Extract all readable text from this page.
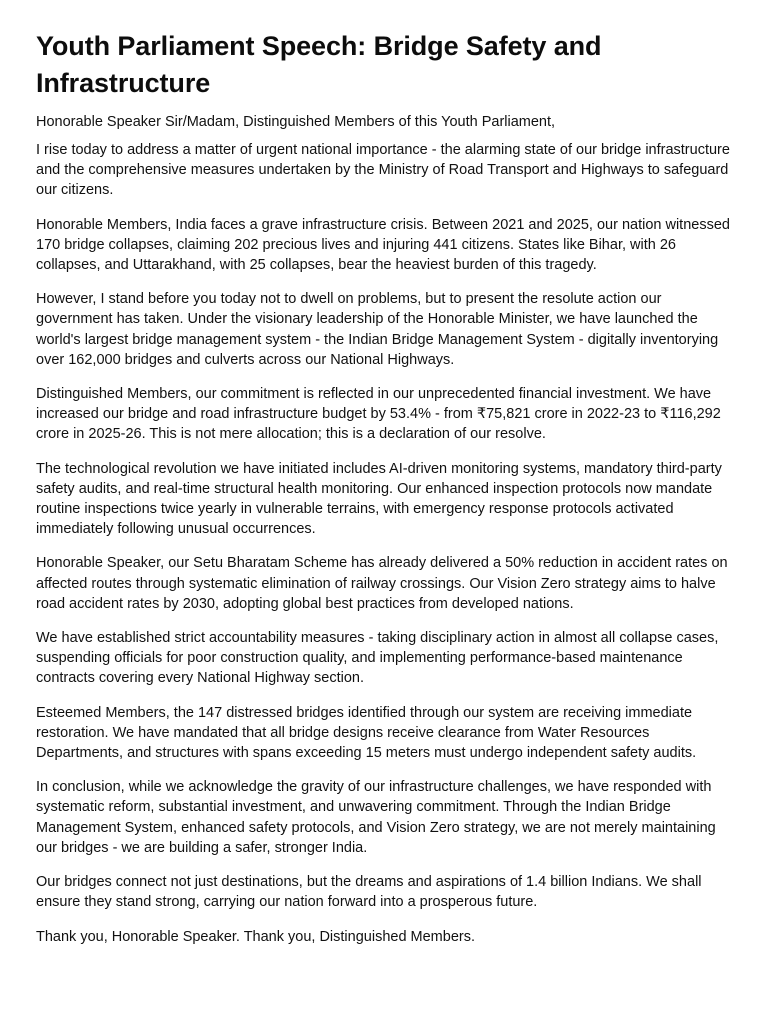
Youth Parliament Speech: Bridge Safety and Infrastructure

Honorable Speaker Sir/Madam, Distinguished Members of this Youth Parliament,

I rise today to address a matter of urgent national importance - the alarming state of our bridge infrastructure and the comprehensive measures undertaken by the Ministry of Road Transport and Highways to safeguard our citizens.

Honorable Members, India faces a grave infrastructure crisis. Between 2021 and 2025, our nation witnessed 170 bridge collapses, claiming 202 precious lives and injuring 441 citizens. States like Bihar, with 26 collapses, and Uttarakhand, with 25 collapses, bear the heaviest burden of this tragedy.

However, I stand before you today not to dwell on problems, but to present the resolute action our government has taken. Under the visionary leadership of the Honorable Minister, we have launched the world's largest bridge management system - the Indian Bridge Management System - digitally inventorying over 162,000 bridges and culverts across our National Highways.

Distinguished Members, our commitment is reflected in our unprecedented financial investment. We have increased our bridge and road infrastructure budget by 53.4% - from ₹75,821 crore in 2022-23 to ₹116,292 crore in 2025-26. This is not mere allocation; this is a declaration of our resolve.

The technological revolution we have initiated includes AI-driven monitoring systems, mandatory third-party safety audits, and real-time structural health monitoring. Our enhanced inspection protocols now mandate routine inspections twice yearly in vulnerable terrains, with emergency response protocols activated immediately following unusual occurrences.

Honorable Speaker, our Setu Bharatam Scheme has already delivered a 50% reduction in accident rates on affected routes through systematic elimination of railway crossings. Our Vision Zero strategy aims to halve road accident rates by 2030, adopting global best practices from developed nations.

We have established strict accountability measures - taking disciplinary action in almost all collapse cases, suspending officials for poor construction quality, and implementing performance-based maintenance contracts covering every National Highway section.

Esteemed Members, the 147 distressed bridges identified through our system are receiving immediate restoration. We have mandated that all bridge designs receive clearance from Water Resources Departments, and structures with spans exceeding 15 meters must undergo independent safety audits.

In conclusion, while we acknowledge the gravity of our infrastructure challenges, we have responded with systematic reform, substantial investment, and unwavering commitment. Through the Indian Bridge Management System, enhanced safety protocols, and Vision Zero strategy, we are not merely maintaining our bridges - we are building a safer, stronger India.

Our bridges connect not just destinations, but the dreams and aspirations of 1.4 billion Indians. We shall ensure they stand strong, carrying our nation forward into a prosperous future.

Thank you, Honorable Speaker. Thank you, Distinguished Members.
